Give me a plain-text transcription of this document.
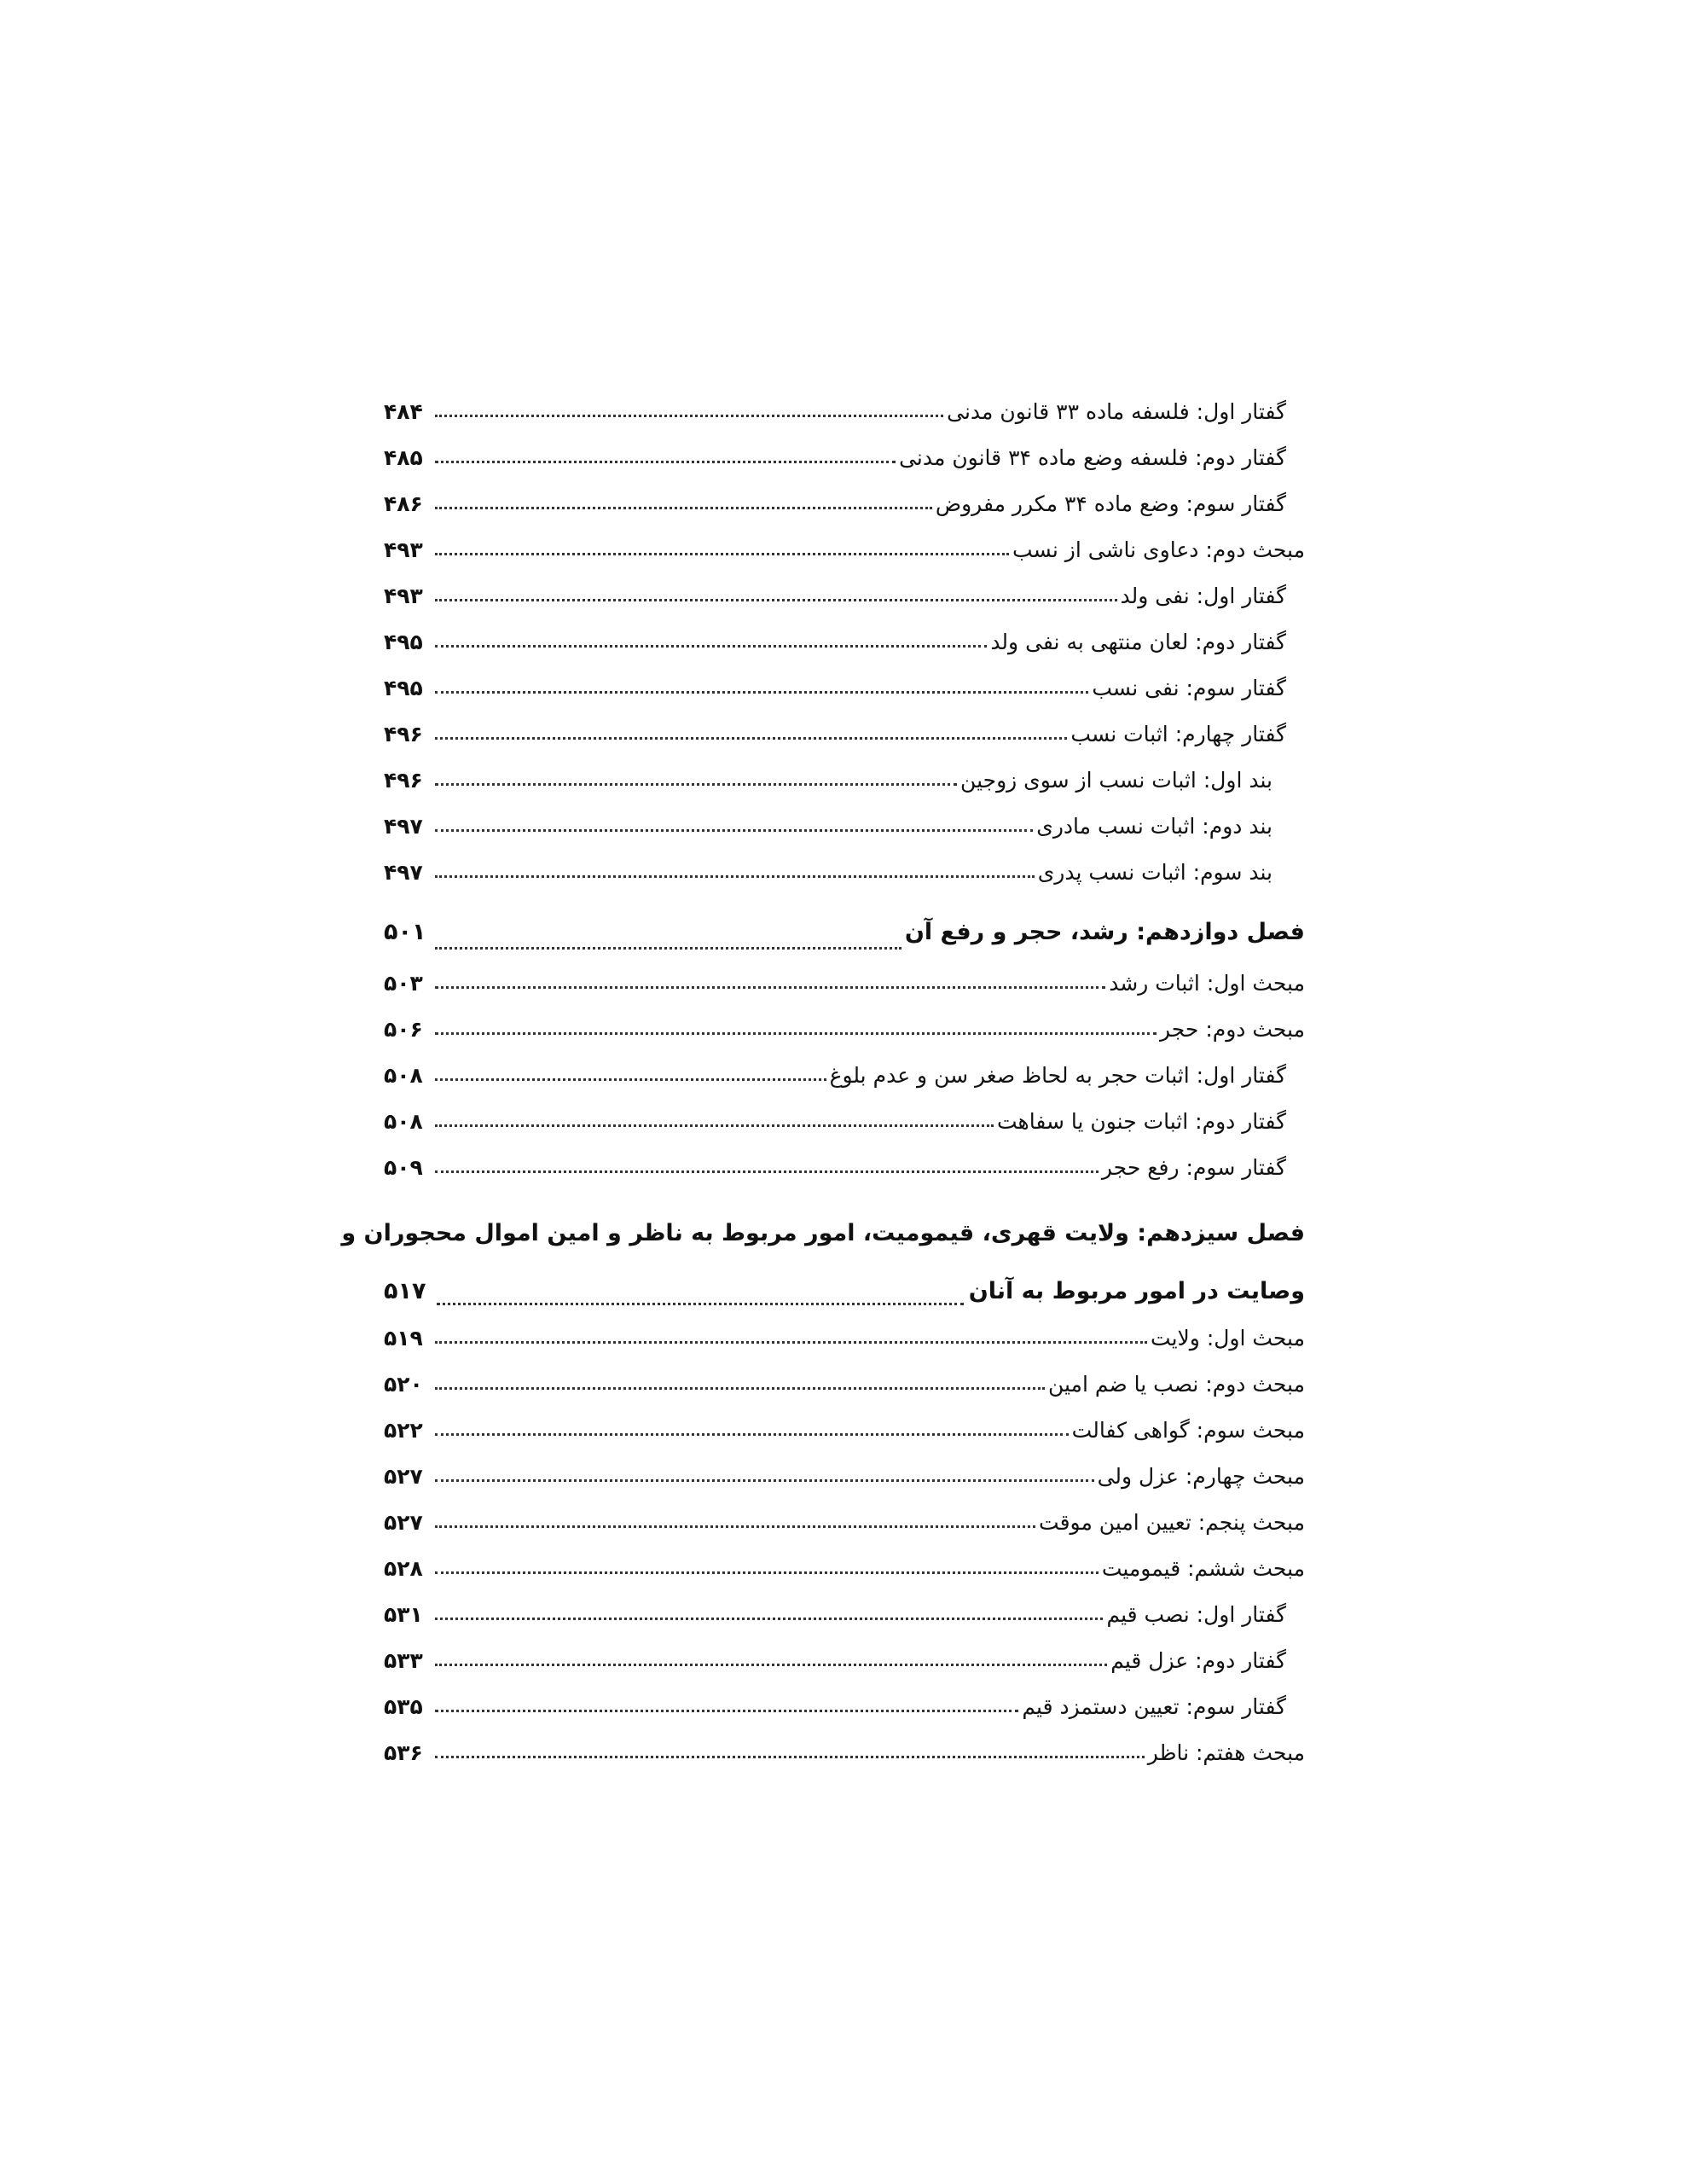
گفتار اول: فلسفه ماده ۳۳ قانون مدنی
۴۸۴
گفتار دوم: فلسفه وضع ماده ۳۴ قانون مدنی
۴۸۵
گفتار سوم: وضع ماده ۳۴ مکرر مفروض
۴۸۶
مبحث دوم: دعاوی ناشی از نسب
۴۹۳
گفتار اول: نفی ولد
۴۹۳
گفتار دوم: لعان منتهی به نفی ولد
۴۹۵
گفتار سوم: نفی نسب
۴۹۵
گفتار چهارم: اثبات نسب
۴۹۶
بند اول: اثبات نسب از سوی زوجین
۴۹۶
بند دوم: اثبات نسب مادری
۴۹۷
بند سوم: اثبات نسب پدری
۴۹۷
فصل دوازدهم: رشد، حجر و رفع آن
۵۰۱
مبحث اول: اثبات رشد
۵۰۳
مبحث دوم: حجر
۵۰۶
گفتار اول: اثبات حجر به لحاظ صغر سن و عدم بلوغ
۵۰۸
گفتار دوم: اثبات جنون یا سفاهت
۵۰۸
گفتار سوم: رفع حجر
۵۰۹
فصل سیزدهم: ولایت قهری، قیمومیت، امور مربوط به ناظر و امین اموال محجوران و
وصایت در امور مربوط به آنان
۵۱۷
مبحث اول: ولایت
۵۱۹
مبحث دوم: نصب یا ضم امین
۵۲۰
مبحث سوم: گواهی کفالت
۵۲۲
مبحث چهارم: عزل ولی
۵۲۷
مبحث پنجم: تعیین امین موقت
۵۲۷
مبحث ششم: قیمومیت
۵۲۸
گفتار اول: نصب قیم
۵۳۱
گفتار دوم: عزل قیم
۵۳۳
گفتار سوم: تعیین دستمزد قیم
۵۳۵
مبحث هفتم: ناظر
۵۳۶
